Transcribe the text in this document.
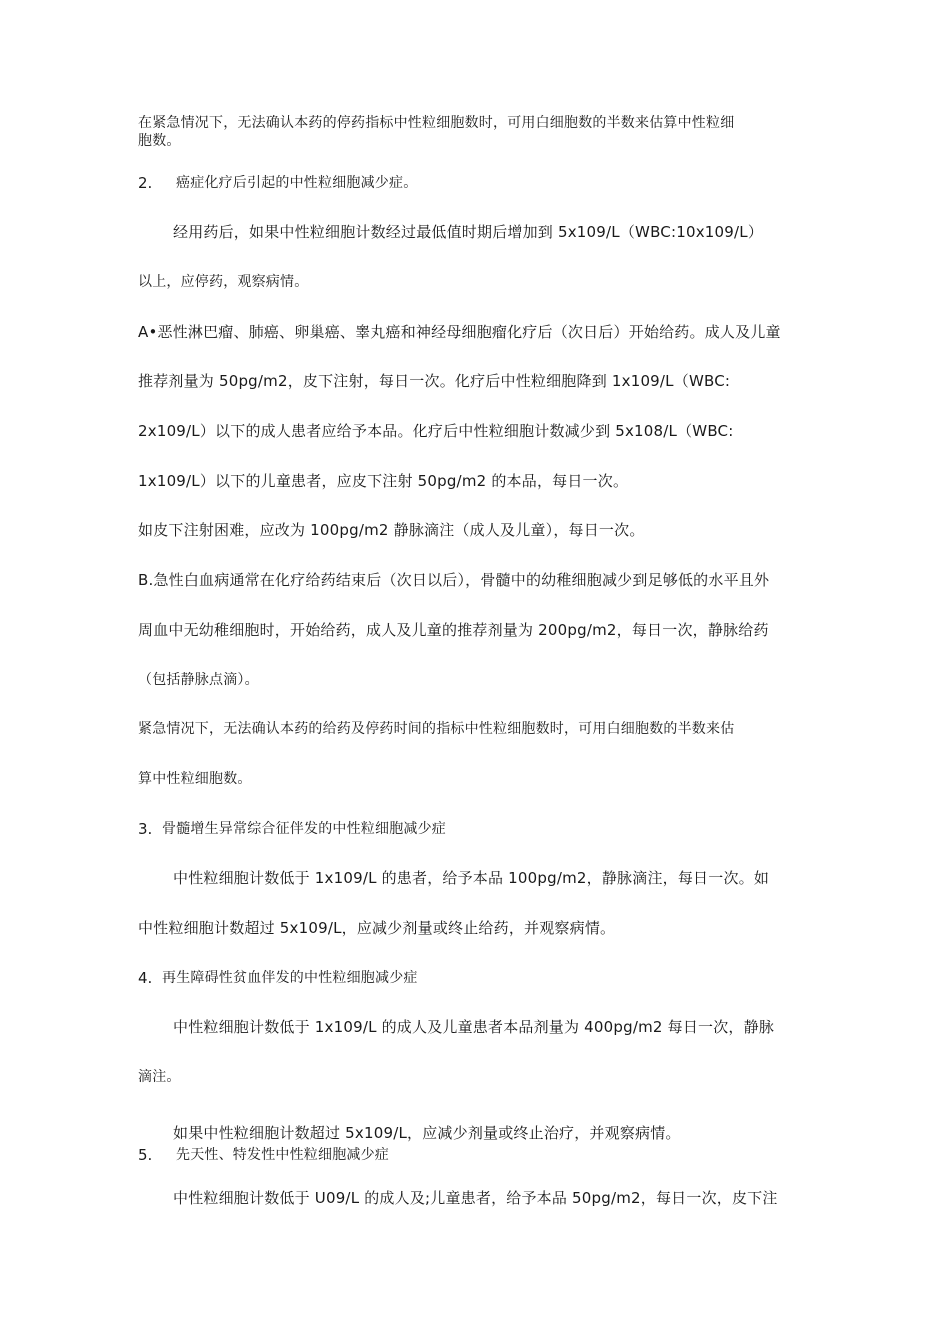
在紧急情况下，无法确认本药的停药指标中性粒细胞数时，可用白细胞数的半数来估算中性粒细
胞数。
2. 癌症化疗后引起的中性粒细胞减少症。
经用药后，如果中性粒细胞计数经过最低值时期后增加到 5x109/L（WBC:10x109/L）
以上，应停药，观察病情。
A•恶性淋巴瘤、肺癌、卵巢癌、睾丸癌和神经母细胞瘤化疗后（次日后）开始给药。成人及儿童
推荐剂量为 50pg/m2，皮下注射，每日一次。化疗后中性粒细胞降到 1x109/L（WBC:
2x109/L）以下的成人患者应给予本品。化疗后中性粒细胞计数减少到 5x108/L（WBC:
1x109/L）以下的儿童患者，应皮下注射 50pg/m2 的本品，每日一次。
如皮下注射困难，应改为 100pg/m2 静脉滴注（成人及儿童），每日一次。
B.急性白血病通常在化疗给药结束后（次日以后），骨髓中的幼稚细胞减少到足够低的水平且外
周血中无幼稚细胞时，开始给药，成人及儿童的推荐剂量为 200pg/m2，每日一次，静脉给药
（包括静脉点滴）。
紧急情况下，无法确认本药的给药及停药时间的指标中性粒细胞数时，可用白细胞数的半数来估
算中性粒细胞数。
3. 骨髓增生异常综合征伴发的中性粒细胞减少症
中性粒细胞计数低于 1x109/L 的患者，给予本品 100pg/m2，静脉滴注，每日一次。如
中性粒细胞计数超过 5x109/L，应减少剂量或终止给药，并观察病情。
4. 再生障碍性贫血伴发的中性粒细胞减少症
中性粒细胞计数低于 1x109/L 的成人及儿童患者本品剂量为 400pg/m2 每日一次，静脉
滴注。
如果中性粒细胞计数超过 5x109/L，应减少剂量或终止治疗，并观察病情。
5. 先天性、特发性中性粒细胞减少症
中性粒细胞计数低于 U09/L 的成人及;儿童患者，给予本品 50pg/m2，每日一次，皮下注
